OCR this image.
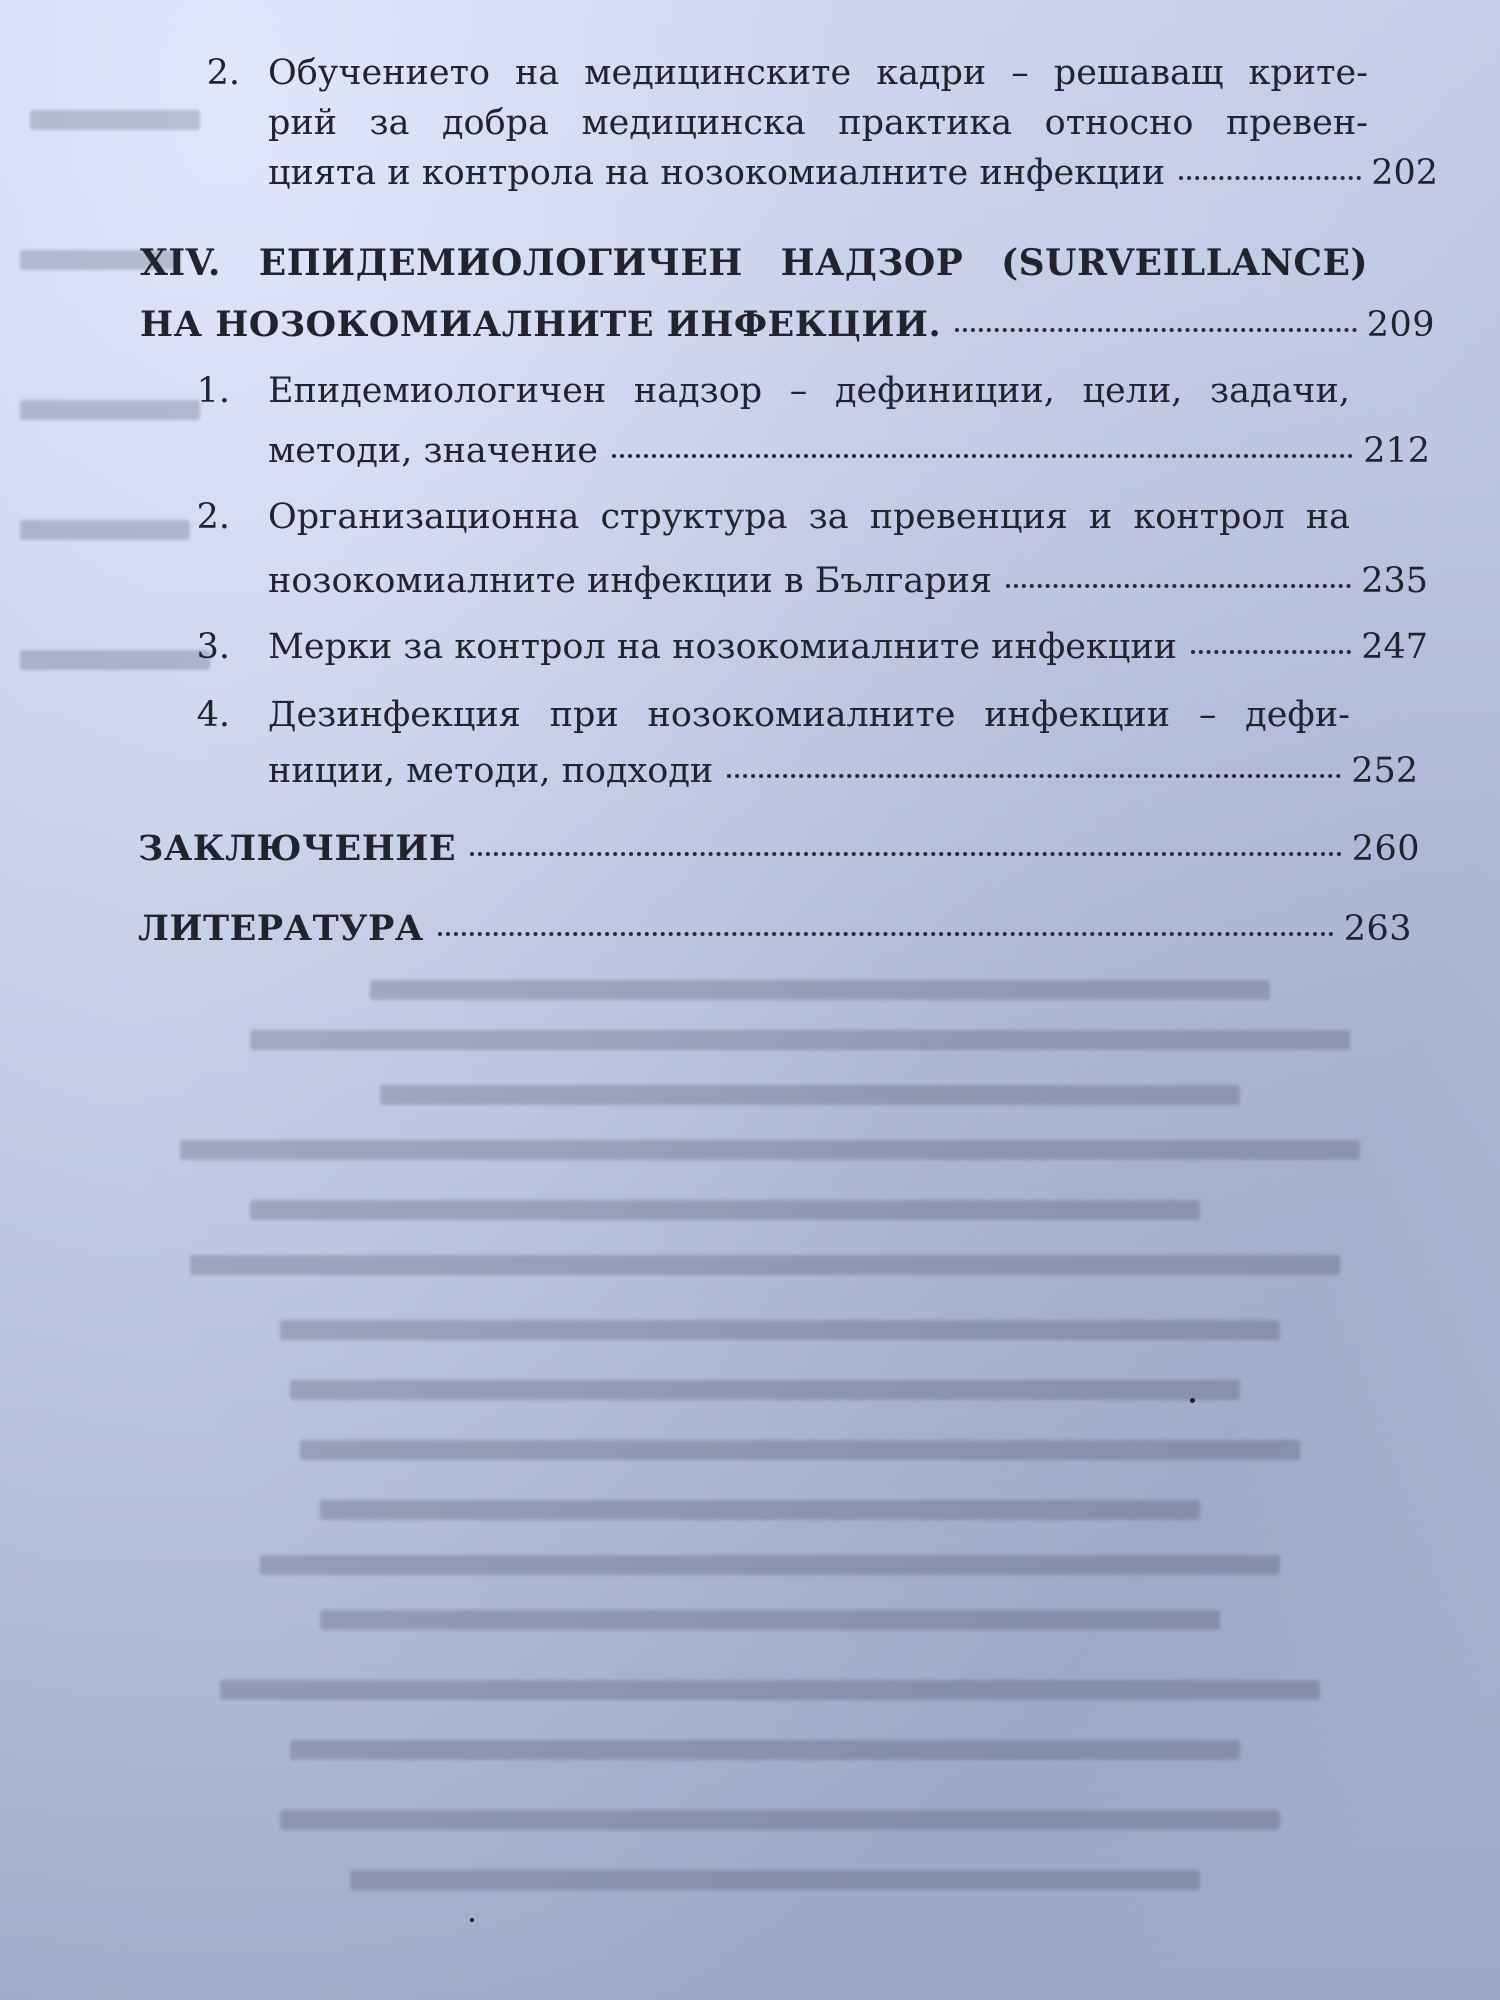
2. Обучението на медицинските кадри – решаващ крите-
рий за добра медицинска практика относно превен-
цията и контрола на нозокомиалните инфекции	202
XIV. ЕПИДЕМИОЛОГИЧЕН НАДЗОР (SURVEILLANCE)
НА НОЗОКОМИАЛНИТЕ ИНФЕКЦИИ.	209
1. Епидемиологичен надзор – дефиниции, цели, задачи,
методи, значение	212
2. Организационна структура за превенция и контрол на
нозокомиалните инфекции в България	235
3. Мерки за контрол на нозокомиалните инфекции	247
4. Дезинфекция при нозокомиалните инфекции – дефи-
ниции, методи, подходи	252
ЗАКЛЮЧЕНИЕ	260
ЛИТЕРАТУРА	263
